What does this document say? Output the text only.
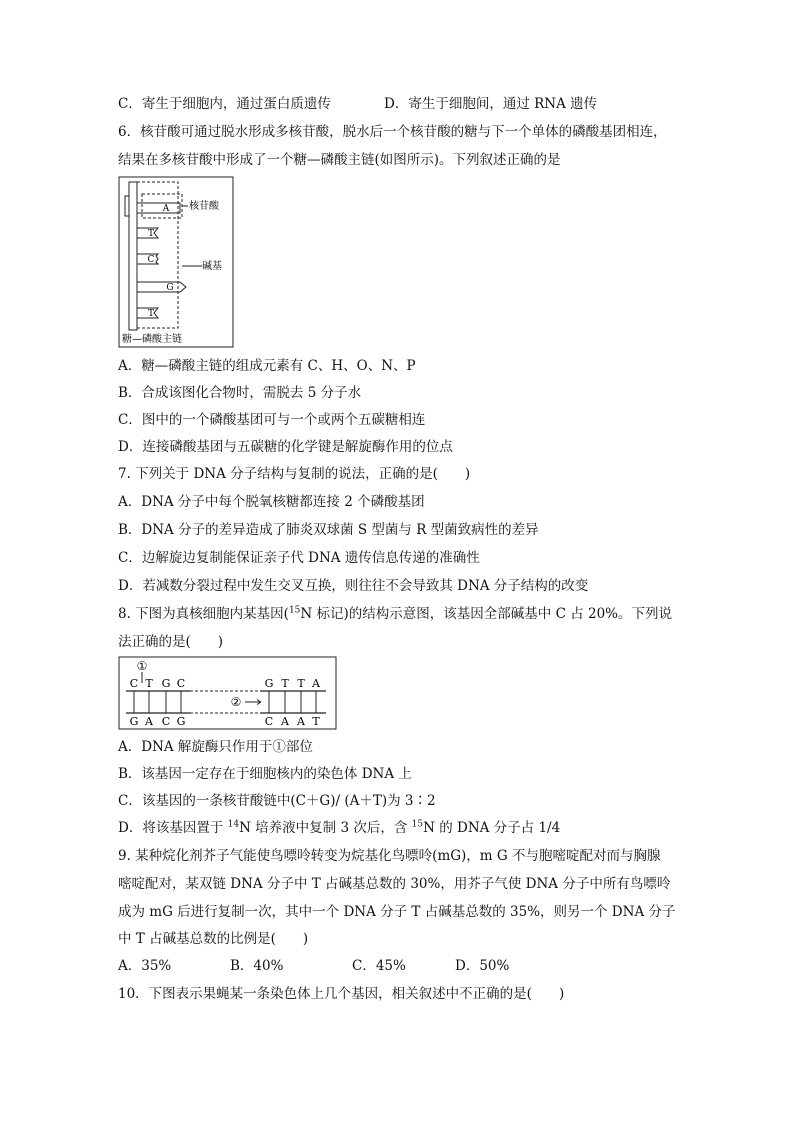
C．寄生于细胞内，通过蛋白质遗传	D．寄生于细胞间，通过 RNA 遗传
6．核苷酸可通过脱水形成多核苷酸，脱水后一个核苷酸的糖与下一个单体的磷酸基团相连，
结果在多核苷酸中形成了一个糖—磷酸主链(如图所示)。下列叙述正确的是
A
T
C
G
T
核苷酸
碱基
糖—磷酸主链
A．糖—磷酸主链的组成元素有 C、H、O、N、P
B．合成该图化合物时，需脱去 5 分子水
C．图中的一个磷酸基团可与一个或两个五碳糖相连
D．连接磷酸基团与五碳糖的化学键是解旋酶作用的位点
7. 下列关于 DNA 分子结构与复制的说法，正确的是(　　)
A．DNA 分子中每个脱氧核糖都连接 2 个磷酸基团
B．DNA 分子的差异造成了肺炎双球菌 S 型菌与 R 型菌致病性的差异
C．边解旋边复制能保证亲子代 DNA 遗传信息传递的准确性
D．若减数分裂过程中发生交叉互换，则往往不会导致其 DNA 分子结构的改变
8. 下图为真核细胞内某基因($^{15}$N 标记)的结构示意图，该基因全部碱基中 C 占 20%。下列说
法正确的是(　　)
①
C T G C	G T T A
②
G A C G	C A A T
A．DNA 解旋酶只作用于①部位
B．该基因一定存在于细胞核内的染色体 DNA 上
C．该基因的一条核苷酸链中(C＋G)/ (A＋T)为 3∶2
D．将该基因置于 $^{14}$N 培养液中复制 3 次后，含 $^{15}$N 的 DNA 分子占 1/4
9. 某种烷化剂芥子气能使鸟嘌呤转变为烷基化鸟嘌呤(mG)，m G 不与胞嘧啶配对而与胸腺
嘧啶配对，某双链 DNA 分子中 T 占碱基总数的 30%，用芥子气使 DNA 分子中所有鸟嘌呤
成为 mG 后进行复制一次，其中一个 DNA 分子 T 占碱基总数的 35%，则另一个 DNA 分子
中 T 占碱基总数的比例是(　　)
A．35%	B．40%	C．45%	D．50%
10．下图表示果蝇某一条染色体上几个基因，相关叙述中不正确的是(　　)
